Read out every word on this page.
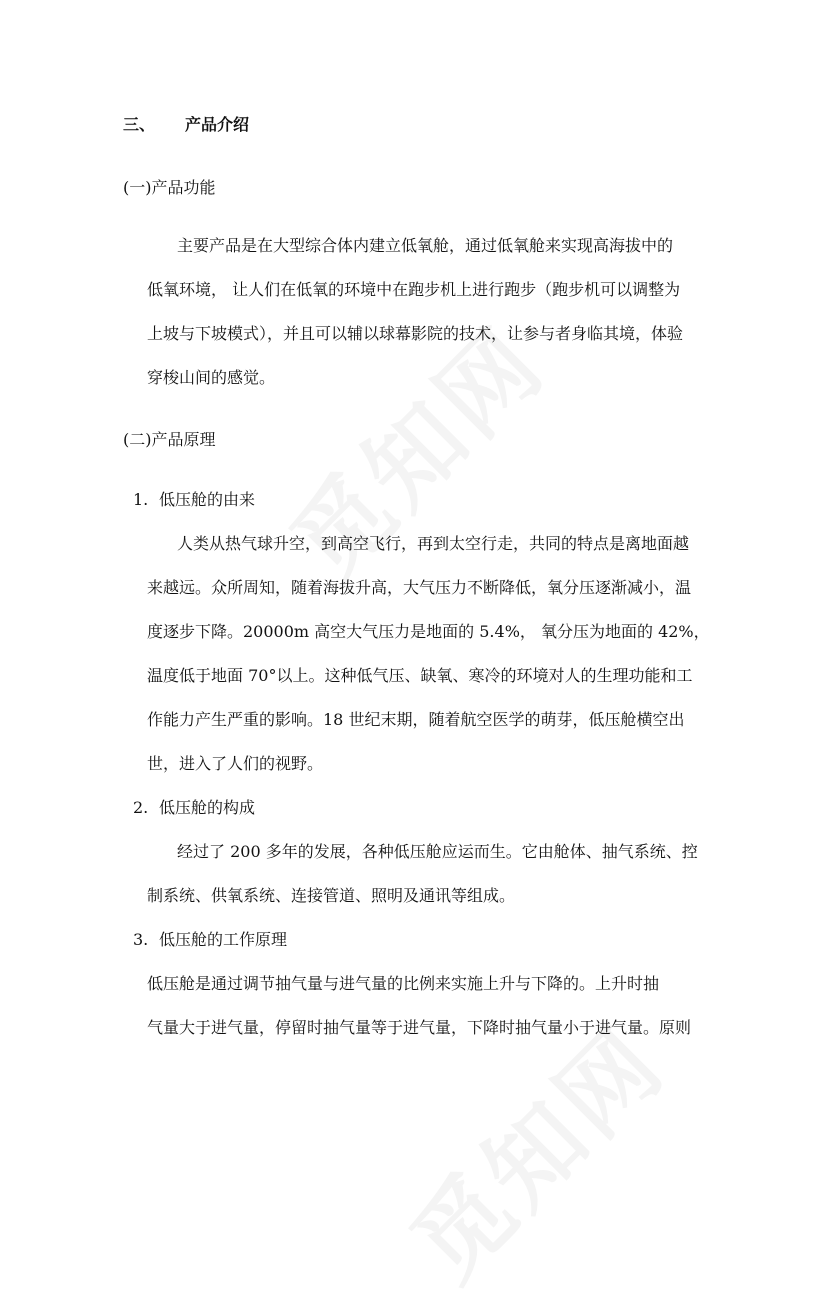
三、 产品介绍
(一)产品功能
主要产品是在大型综合体内建立低氧舱，通过低氧舱来实现高海拔中的
低氧环境， 让人们在低氧的环境中在跑步机上进行跑步（跑步机可以调整为
上坡与下坡模式），并且可以辅以球幕影院的技术，让参与者身临其境，体验
穿梭山间的感觉。
(二)产品原理
1. 低压舱的由来
人类从热气球升空，到高空飞行，再到太空行走，共同的特点是离地面越
来越远。众所周知，随着海拔升高，大气压力不断降低，氧分压逐渐减小，温
度逐步下降。20000m 高空大气压力是地面的 5.4%， 氧分压为地面的 42%，
温度低于地面 70°以上。这种低气压、缺氧、寒冷的环境对人的生理功能和工
作能力产生严重的影响。18 世纪末期，随着航空医学的萌芽，低压舱横空出
世，进入了人们的视野。
2. 低压舱的构成
经过了 200 多年的发展，各种低压舱应运而生。它由舱体、抽气系统、控
制系统、供氧系统、连接管道、照明及通讯等组成。
3. 低压舱的工作原理
低压舱是通过调节抽气量与进气量的比例来实施上升与下降的。上升时抽
气量大于进气量，停留时抽气量等于进气量，下降时抽气量小于进气量。原则
